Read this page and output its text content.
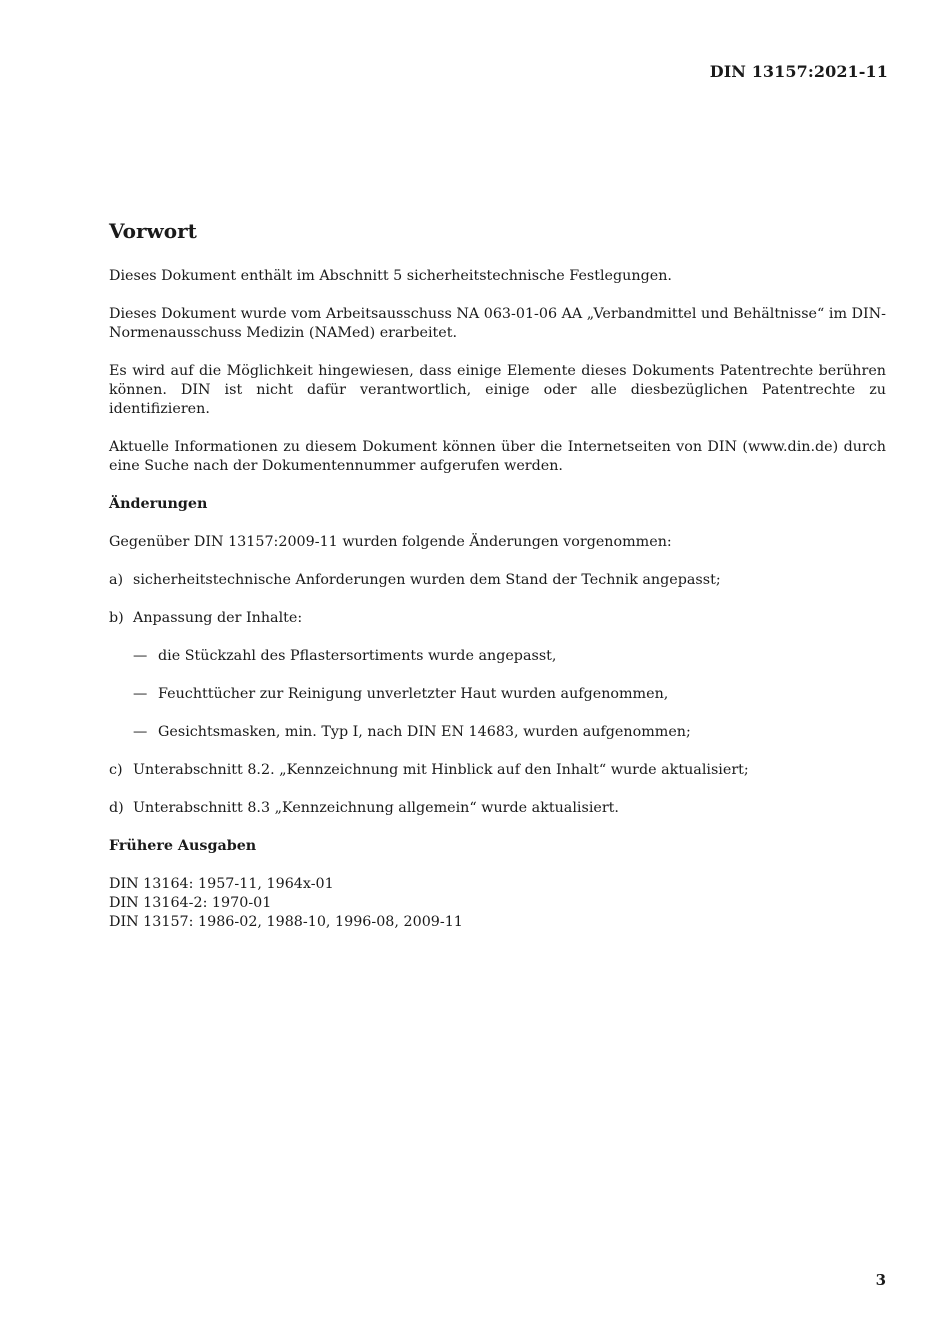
DIN 13157:2021-11
Vorwort

Dieses Dokument enthält im Abschnitt 5 sicherheitstechnische Festlegungen.

Dieses Dokument wurde vom Arbeitsausschuss NA 063-01-06 AA „Verbandmittel und Behältnisse“ im DIN-Normenausschuss Medizin (NAMed) erarbeitet.

Es wird auf die Möglichkeit hingewiesen, dass einige Elemente dieses Dokuments Patentrechte berühren können. DIN ist nicht dafür verantwortlich, einige oder alle diesbezüglichen Patentrechte zu identifizieren.

Aktuelle Informationen zu diesem Dokument können über die Internetseiten von DIN (www.din.de) durch eine Suche nach der Dokumentennummer aufgerufen werden.

Änderungen

Gegenüber DIN 13157:2009-11 wurden folgende Änderungen vorgenommen:

a) sicherheitstechnische Anforderungen wurden dem Stand der Technik angepasst;
b) Anpassung der Inhalte:
— die Stückzahl des Pflastersortiments wurde angepasst,
— Feuchttücher zur Reinigung unverletzter Haut wurden aufgenommen,
— Gesichtsmasken, min. Typ I, nach DIN EN 14683, wurden aufgenommen;
c) Unterabschnitt 8.2. „Kennzeichnung mit Hinblick auf den Inhalt“ wurde aktualisiert;
d) Unterabschnitt 8.3 „Kennzeichnung allgemein“ wurde aktualisiert.
Frühere Ausgaben
DIN 13164: 1957-11, 1964x-01
DIN 13164-2: 1970-01
DIN 13157: 1986-02, 1988-10, 1996-08, 2009-11
3
